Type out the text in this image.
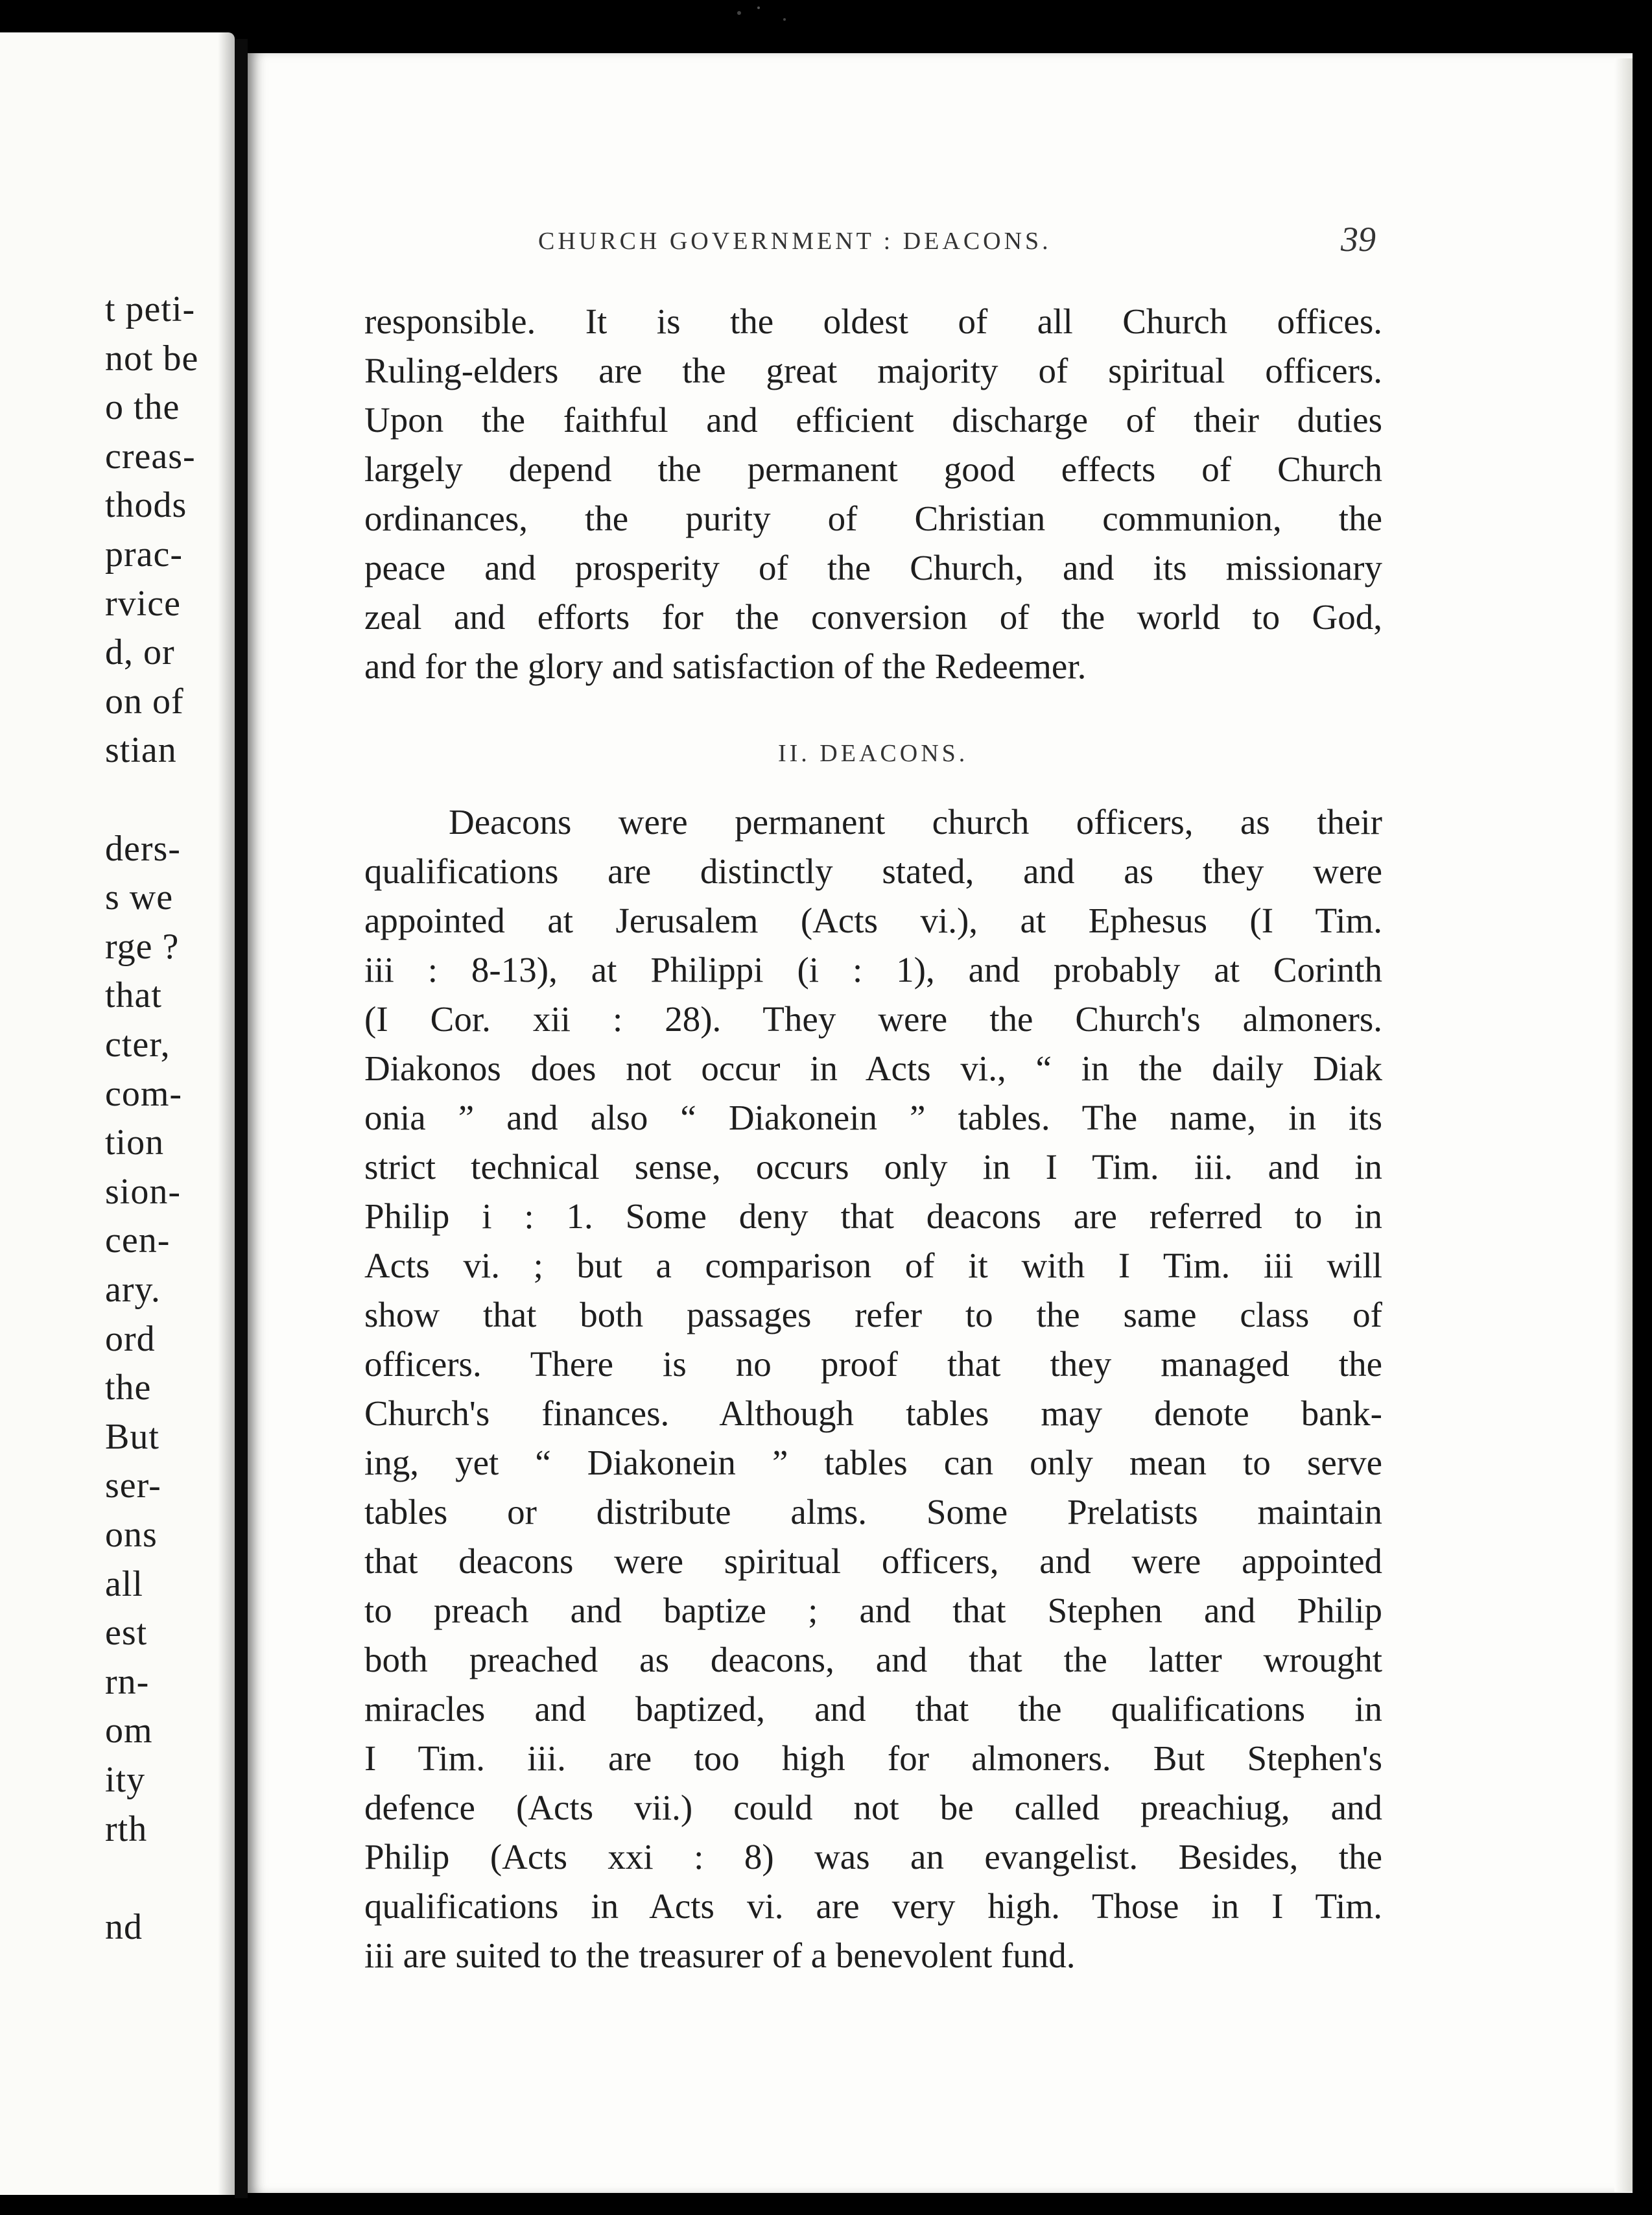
t peti-
not be
o the
creas-
thods
prac-
rvice
d, or
on of
stian
ders-
s we
rge ?
that
cter,
com-
tion
sion-
cen-
ary.
ord
the
But
ser-
ons
all
est
rn-
om
ity
rth
nd
CHURCH GOVERNMENT : DEACONS.	39
responsible. It is the oldest of all Church offices.
Ruling-elders are the great majority of spiritual officers.
Upon the faithful and efficient discharge of their duties
largely depend the permanent good effects of Church
ordinances, the purity of Christian communion, the
peace and prosperity of the Church, and its missionary
zeal and efforts for the conversion of the world to God,
and for the glory and satisfaction of the Redeemer.
II. DEACONS.
Deacons were permanent church officers, as their
qualifications are distinctly stated, and as they were
appointed at Jerusalem (Acts vi.), at Ephesus (I Tim.
iii : 8-13), at Philippi (i : 1), and probably at Corinth
(I Cor. xii : 28). They were the Church's almoners.
Diakonos does not occur in Acts vi., “ in the daily Diak
onia ” and also “ Diakonein ” tables. The name, in its
strict technical sense, occurs only in I Tim. iii. and in
Philip i : 1. Some deny that deacons are referred to in
Acts vi. ; but a comparison of it with I Tim. iii will
show that both passages refer to the same class of
officers. There is no proof that they managed the
Church's finances. Although tables may denote bank-
ing, yet “ Diakonein ” tables can only mean to serve
tables or distribute alms. Some Prelatists maintain
that deacons were spiritual officers, and were appointed
to preach and baptize ; and that Stephen and Philip
both preached as deacons, and that the latter wrought
miracles and baptized, and that the qualifications in
I Tim. iii. are too high for almoners. But Stephen's
defence (Acts vii.) could not be called preachiug, and
Philip (Acts xxi : 8) was an evangelist. Besides, the
qualifications in Acts vi. are very high. Those in I Tim.
iii are suited to the treasurer of a benevolent fund.
